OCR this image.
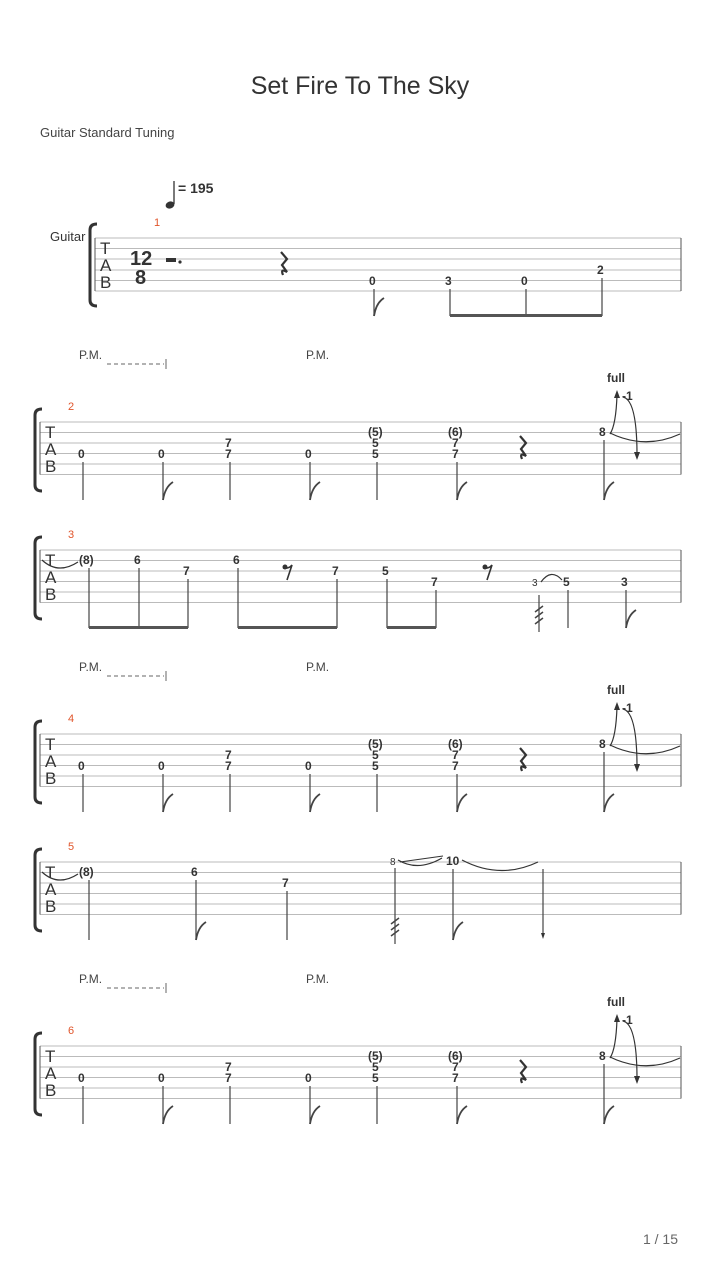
Set Fire To The Sky
Guitar Standard Tuning
= 195
Guitar
1 / 15
T
A
B
1
12
8	0	3	0
2
P.M.	P.M.
T
A
B
2
0	0
7
7	0
(5)
5
5
(6)
7
7
8
full
-1
T
A
B
3
(8)	6
7
6
7	5
7	5	3
3
P.M.	P.M.
T
A
B
4
0	0
7
7	0
(5)
5
5
(6)
7
7
8
full
-1
T
A
B
5
(8)	6
7
8	10
P.M.	P.M.
T
A
B
6
0	0
7
7	0
(5)
5
5
(6)
7
7
8
full
-1
